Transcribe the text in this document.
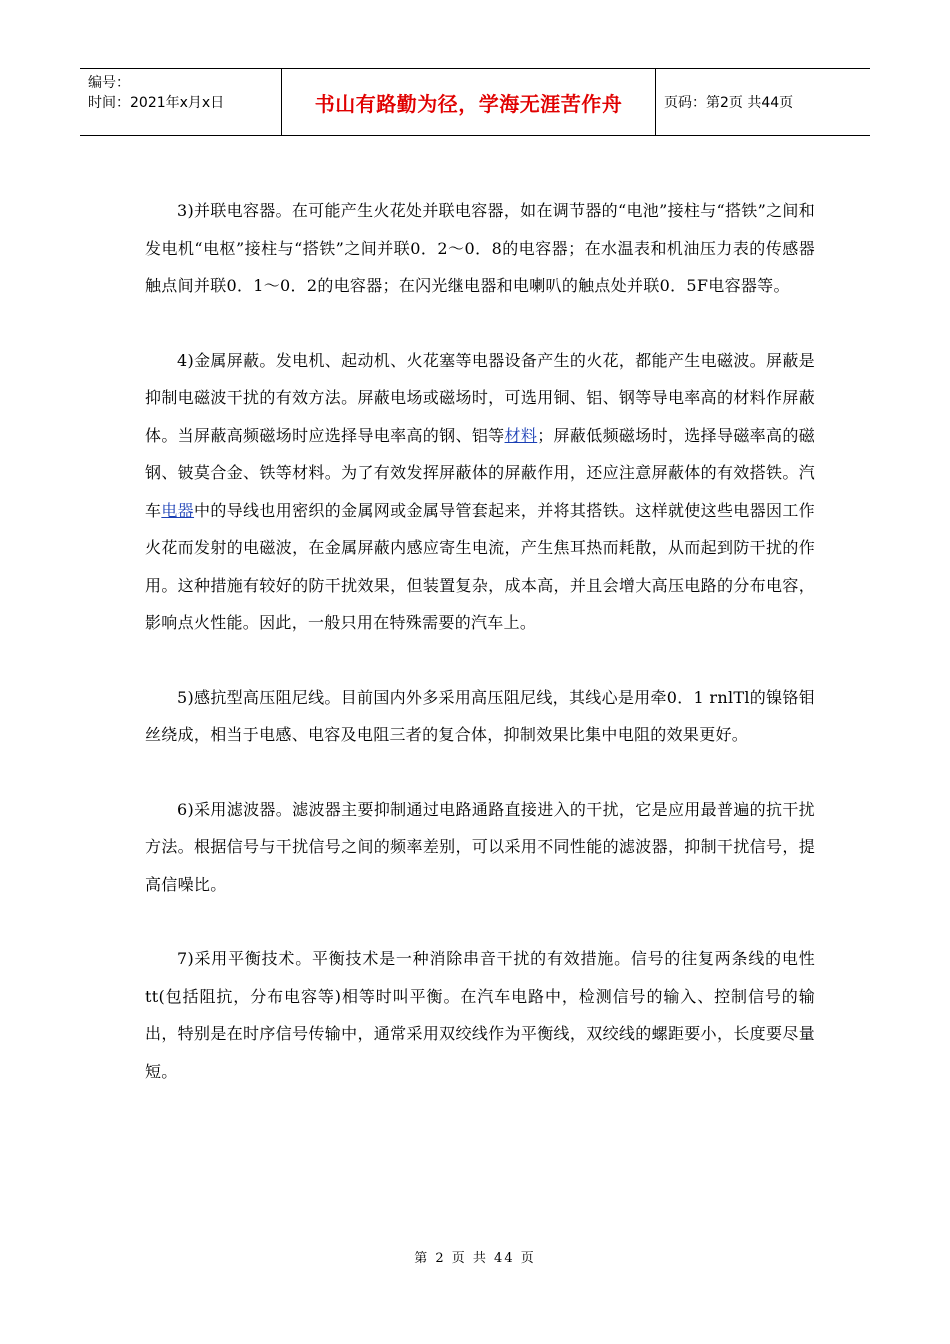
编号：
时间：2021年x月x日	书山有路勤为径，学海无涯苦作舟	页码：第2页 共44页

3)并联电容器。在可能产生火花处并联电容器，如在调节器的“电池”接柱与“搭铁”之间和发电机“电枢”接柱与“搭铁”之间并联0．2～0．8的电容器；在水温表和机油压力表的传感器触点间并联0．1～0．2的电容器；在闪光继电器和电喇叭的触点处并联0．5F电容器等。

4)金属屏蔽。发电机、起动机、火花塞等电器设备产生的火花，都能产生电磁波。屏蔽是抑制电磁波干扰的有效方法。屏蔽电场或磁场时，可选用铜、铝、钢等导电率高的材料作屏蔽体。当屏蔽高频磁场时应选择导电率高的钢、铝等材料；屏蔽低频磁场时，选择导磁率高的磁钢、铍莫合金、铁等材料。为了有效发挥屏蔽体的屏蔽作用，还应注意屏蔽体的有效搭铁。汽车电器中的导线也用密织的金属网或金属导管套起来，并将其搭铁。这样就使这些电器因工作火花而发射的电磁波，在金属屏蔽内感应寄生电流，产生焦耳热而耗散，从而起到防干扰的作用。这种措施有较好的防干扰效果，但装置复杂，成本高，并且会增大高压电路的分布电容，影响点火性能。因此，一般只用在特殊需要的汽车上。

5)感抗型高压阻尼线。目前国内外多采用高压阻尼线，其线心是用牵0．1 rnlTl的镍铬钼丝绕成，相当于电感、电容及电阻三者的复合体，抑制效果比集中电阻的效果更好。

6)采用滤波器。滤波器主要抑制通过电路通路直接进入的干扰，它是应用最普遍的抗干扰方法。根据信号与干扰信号之间的频率差别，可以采用不同性能的滤波器，抑制干扰信号，提高信噪比。

7)采用平衡技术。平衡技术是一种消除串音干扰的有效措施。信号的往复两条线的电性tt(包括阻抗，分布电容等)相等时叫平衡。在汽车电路中，检测信号的输入、控制信号的输出，特别是在时序信号传输中，通常采用双绞线作为平衡线，双绞线的螺距要小，长度要尽量短。

第 2 页 共 44 页
